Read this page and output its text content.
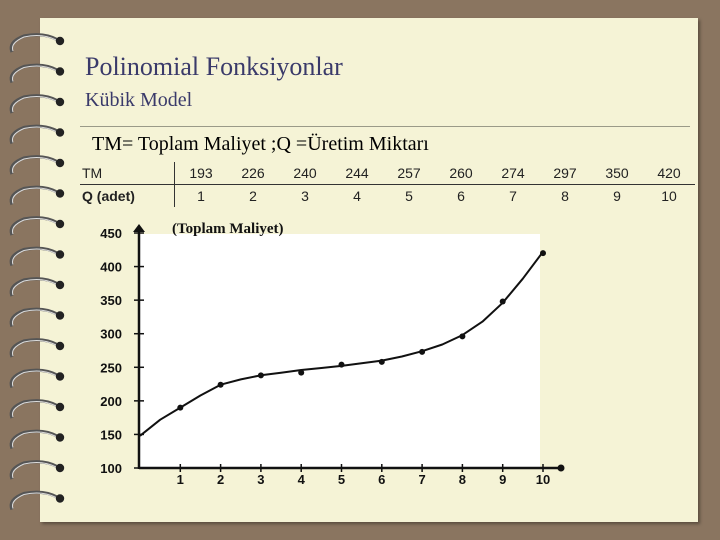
Polinomial Fonksiyonlar
Kübik Model
TM= Toplam Maliyet ;Q =Üretim Miktarı
TM	193	226	240	244	257	260	274	297	350	420
Q (adet)	1	2	3	4	5	6	7	8	9	10
(Toplam Maliyet)
100
150
200
250
300
350
400
450
1	2	3	4	5	6	7	8	9 10
